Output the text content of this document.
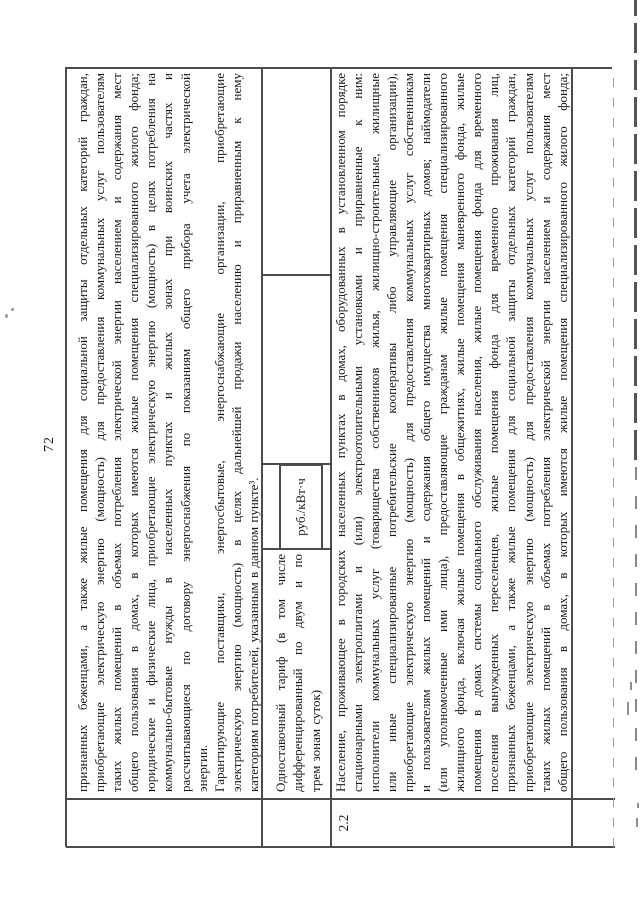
72 признанных беженцами, а также жилые помещения для социальной защиты отдельных категорий граждан, приобретающие электрическую энергию (мощность) для предоставления коммунальных услуг пользователям таких жилых помещений в объемах потребления электрической энергии населением и содержания мест общего пользования в домах, в которых имеются жилые помещения специализированного жилого фонда; юридические и физические лица, приобретающие электрическую энергию (мощность) в целях потребления на коммунально-бытовые нужды в населенных пунктах и жилых зонах при воинских частях и рассчитывающиеся по договору энергоснабжения по показаниям общего прибора учета электрической энергии. Гарантирующие поставщики, энергосбытовые, энергоснабжающие организации, приобретающие электрическую энергию (мощность) в целях дальнейшей продажи населению и приравненным к нему категориям потребителей, указанным в данном пункте³. Одноставочный тариф (в том числе дифференцированный по двум и по трем зонам суток)
руб./кВт·ч
2.2
Население, проживающее в городских населенных пунктах в домах, оборудованных в установленном порядке стационарными электроплитами и (или) электроотопительными установками и приравненные к ним: исполнители коммунальных услуг (товарищества собственников жилья, жилищно-строительные, жилищные или иные специализированные потребительские кооперативы либо управляющие организации), приобретающие электрическую энергию (мощность) для предоставления коммунальных услуг собственникам и пользователям жилых помещений и содержания общего имущества многоквартирных домов; наймодатели (или уполномоченные ими лица), предоставляющие гражданам жилые помещения специализированного жилищного фонда, включая жилые помещения в общежитиях, жилые помещения маневренного фонда, жилые помещения в домах системы социального обслуживания населения, жилые помещения фонда для временного поселения вынужденных переселенцев, жилые помещения фонда для временного проживания лиц, признанных беженцами, а также жилые помещения для социальной защиты отдельных категорий граждан, приобретающие электрическую энергию (мощность) для предоставления коммунальных услуг пользователям таких жилых помещений в объемах потребления электрической энергии населением и содержания мест общего пользования в домах, в которых имеются жилые помещения специализированного жилого фонда;
